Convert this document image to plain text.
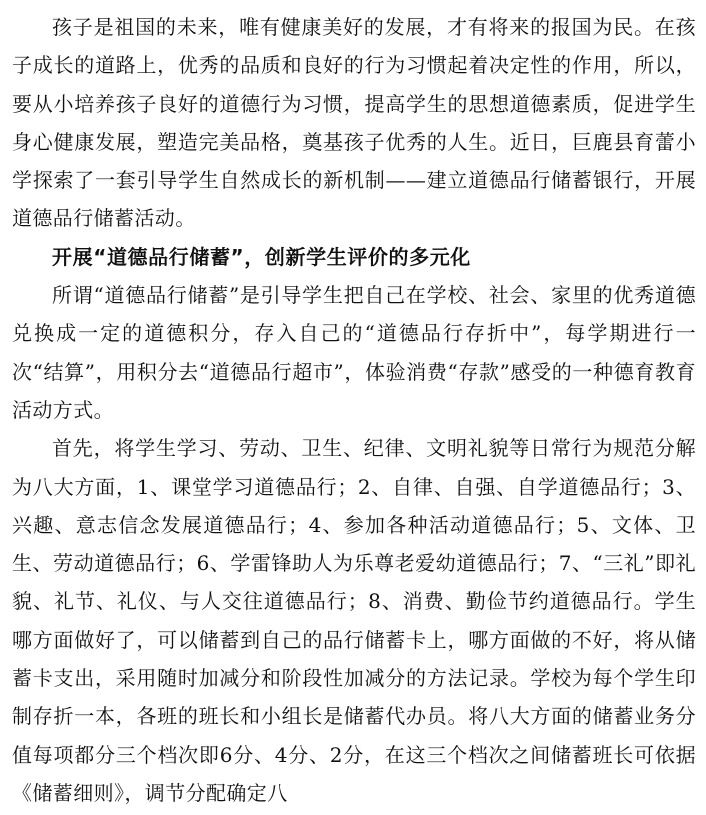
孩子是祖国的未来，唯有健康美好的发展，才有将来的报国为民。在孩子成长的道路上，优秀的品质和良好的行为习惯起着决定性的作用，所以，要从小培养孩子良好的道德行为习惯，提高学生的思想道德素质，促进学生身心健康发展，塑造完美品格，奠基孩子优秀的人生。近日，巨鹿县育蕾小学探索了一套引导学生自然成长的新机制——建立道德品行储蓄银行，开展道德品行储蓄活动。

开展“道德品行储蓄”，创新学生评价的多元化

所谓“道德品行储蓄”是引导学生把自己在学校、社会、家里的优秀道德兑换成一定的道德积分，存入自己的“道德品行存折中”，每学期进行一次“结算”，用积分去“道德品行超市”，体验消费“存款”感受的一种德育教育活动方式。

首先，将学生学习、劳动、卫生、纪律、文明礼貌等日常行为规范分解为八大方面，1、课堂学习道德品行；2、自律、自强、自学道德品行；3、兴趣、意志信念发展道德品行；4、参加各种活动道德品行；5、文体、卫生、劳动道德品行；6、学雷锋助人为乐尊老爱幼道德品行；7、“三礼”即礼貌、礼节、礼仪、与人交往道德品行；8、消费、勤俭节约道德品行。学生哪方面做好了，可以储蓄到自己的品行储蓄卡上，哪方面做的不好，将从储蓄卡支出，采用随时加减分和阶段性加减分的方法记录。学校为每个学生印制存折一本，各班的班长和小组长是储蓄代办员。将八大方面的储蓄业务分值每项都分三个档次即6分、4分、2分，在这三个档次之间储蓄班长可依据《储蓄细则》，调节分配确定八
